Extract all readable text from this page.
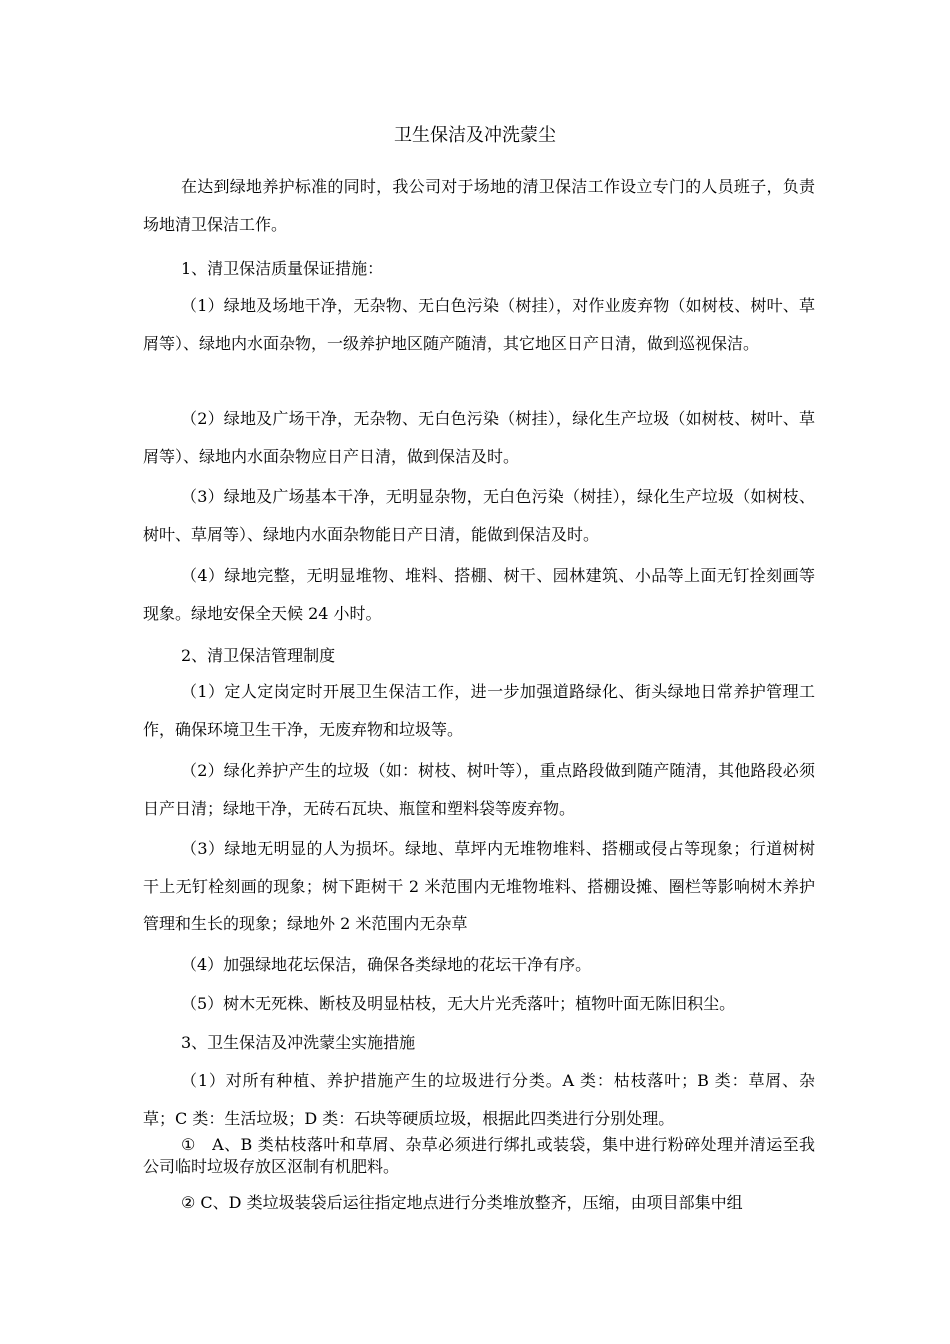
卫生保洁及冲洗蒙尘
在达到绿地养护标准的同时，我公司对于场地的清卫保洁工作设立专门的人员班子，负责场地清卫保洁工作。
1、清卫保洁质量保证措施：
（1）绿地及场地干净，无杂物、无白色污染（树挂），对作业废弃物（如树枝、树叶、草屑等）、绿地内水面杂物，一级养护地区随产随清，其它地区日产日清，做到巡视保洁。
（2）绿地及广场干净，无杂物、无白色污染（树挂），绿化生产垃圾（如树枝、树叶、草屑等）、绿地内水面杂物应日产日清，做到保洁及时。
（3）绿地及广场基本干净，无明显杂物，无白色污染（树挂），绿化生产垃圾（如树枝、树叶、草屑等）、绿地内水面杂物能日产日清，能做到保洁及时。
（4）绿地完整，无明显堆物、堆料、搭棚、树干、园林建筑、小品等上面无钉拴刻画等现象。绿地安保全天候 24 小时。
2、清卫保洁管理制度
（1）定人定岗定时开展卫生保洁工作，进一步加强道路绿化、街头绿地日常养护管理工作，确保环境卫生干净，无废弃物和垃圾等。
（2）绿化养护产生的垃圾（如：树枝、树叶等），重点路段做到随产随清，其他路段必须日产日清；绿地干净，无砖石瓦块、瓶筐和塑料袋等废弃物。
（3）绿地无明显的人为损坏。绿地、草坪内无堆物堆料、搭棚或侵占等现象；行道树树干上无钉栓刻画的现象；树下距树干 2 米范围内无堆物堆料、搭棚设摊、圈栏等影响树木养护管理和生长的现象；绿地外 2 米范围内无杂草
（4）加强绿地花坛保洁，确保各类绿地的花坛干净有序。
（5）树木无死株、断枝及明显枯枝，无大片光秃落叶；植物叶面无陈旧积尘。
3、卫生保洁及冲洗蒙尘实施措施
（1）对所有种植、养护措施产生的垃圾进行分类。A 类：枯枝落叶；B 类：草屑、杂草；C 类：生活垃圾；D 类：石块等硬质垃圾，根据此四类进行分别处理。
①　A、B 类枯枝落叶和草屑、杂草必须进行绑扎或装袋，集中进行粉碎处理并清运至我公司临时垃圾存放区沤制有机肥料。
② C、D 类垃圾装袋后运往指定地点进行分类堆放整齐，压缩，由项目部集中组
